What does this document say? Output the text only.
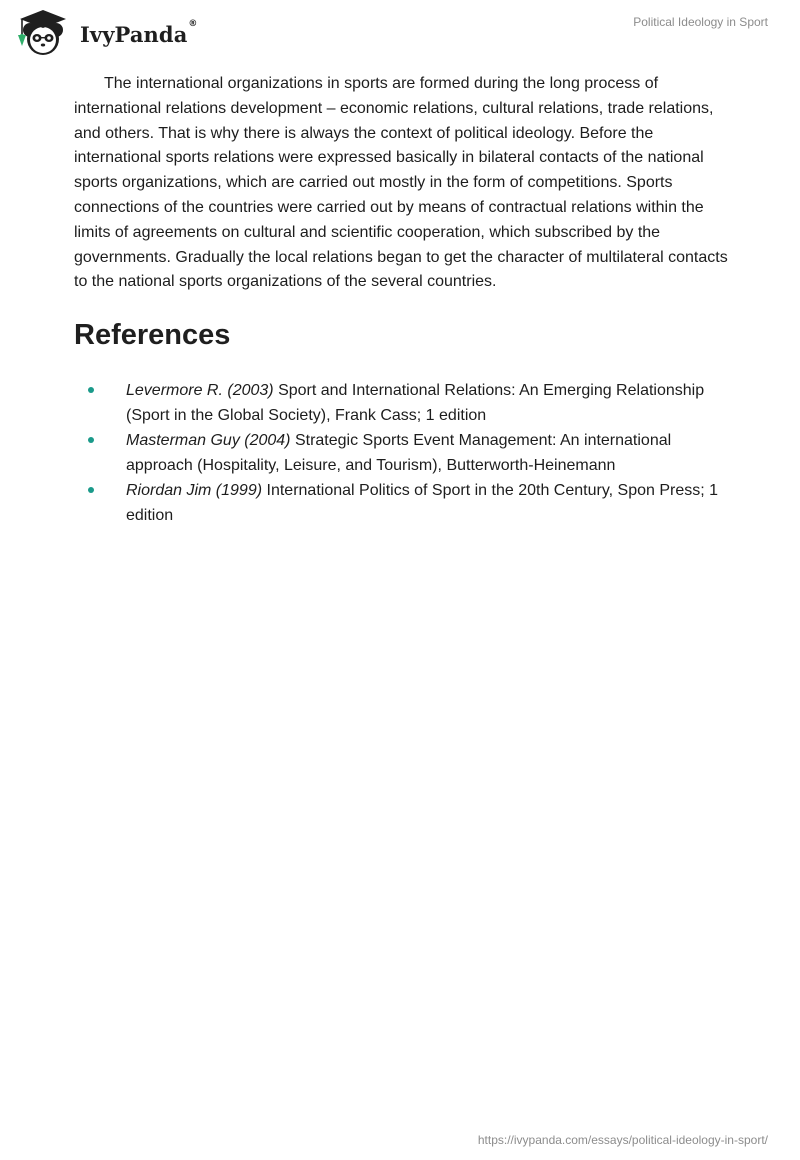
IvyPanda®	Political Ideology in Sport

The international organizations in sports are formed during the long process of international relations development – economic relations, cultural relations, trade relations, and others. That is why there is always the context of political ideology. Before the international sports relations were expressed basically in bilateral contacts of the national sports organizations, which are carried out mostly in the form of competitions. Sports connections of the countries were carried out by means of contractual relations within the limits of agreements on cultural and scientific cooperation, which subscribed by the governments. Gradually the local relations began to get the character of multilateral contacts to the national sports organizations of the several countries.

References
Levermore R. (2003) Sport and International Relations: An Emerging Relationship (Sport in the Global Society), Frank Cass; 1 edition
Masterman Guy (2004) Strategic Sports Event Management: An international approach (Hospitality, Leisure, and Tourism), Butterworth-Heinemann
Riordan Jim (1999) International Politics of Sport in the 20th Century, Spon Press; 1 edition
https://ivypanda.com/essays/political-ideology-in-sport/
